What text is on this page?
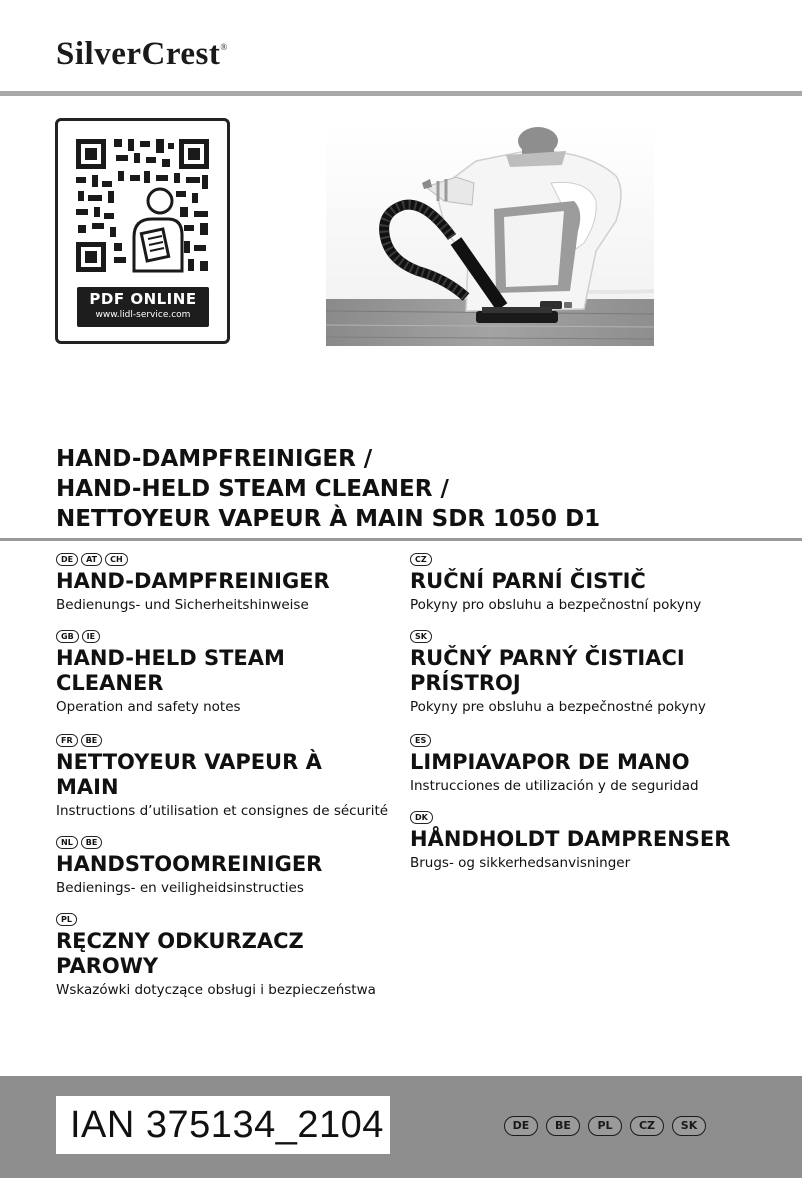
SilverCrest®
PDF ONLINE
www.lidl-service.com
HAND-DAMPFREINIGER /
HAND-HELD STEAM CLEANER /
NETTOYEUR VAPEUR À MAIN SDR 1050 D1
DE	AT	CH
HAND-DAMPFREINIGER
Bedienungs- und Sicherheitshinweise
GB	IE
HAND-HELD STEAM CLEANER
Operation and safety notes
FR	BE
NETTOYEUR VAPEUR À MAIN
Instructions d’utilisation et consignes de sécurité
NL	BE
HANDSTOOMREINIGER
Bedienings- en veiligheidsinstructies
PL
RĘCZNY ODKURZACZ PAROWY
Wskazówki dotyczące obsługi i bezpieczeństwa
CZ
RUČNÍ PARNÍ ČISTIČ
Pokyny pro obsluhu a bezpečnostní pokyny
SK
RUČNÝ PARNÝ ČISTIACI PRÍSTROJ
Pokyny pre obsluhu a bezpečnostné pokyny
ES
LIMPIAVAPOR DE MANO
Instrucciones de utilización y de seguridad
DK
HÅNDHOLDT DAMPRENSER
Brugs- og sikkerhedsanvisninger
IAN 375134_2104	DE	BE	PL	CZ	SK
